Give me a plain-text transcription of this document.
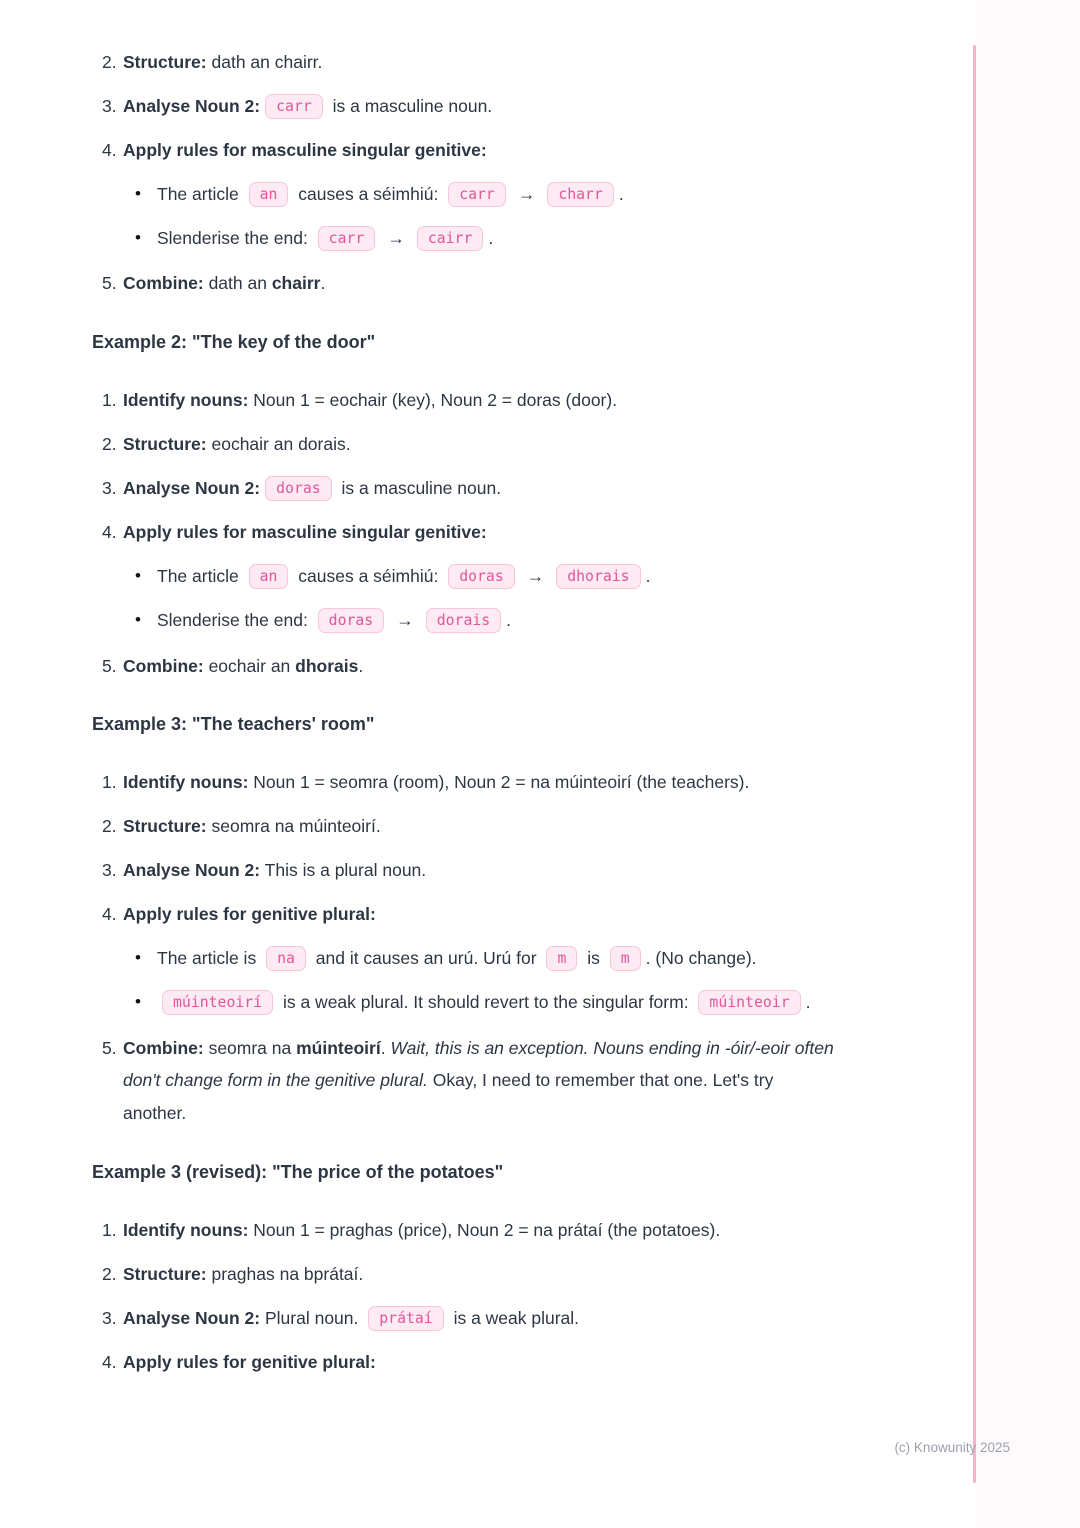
2. Structure: dath an chairr.
3. Analyse Noun 2: carr is a masculine noun.
4. Apply rules for masculine singular genitive:
• The article an causes a séimhiú: carr → charr .
• Slenderise the end: carr → cairr .
5. Combine: dath an chairr.
Example 2: "The key of the door"
1. Identify nouns: Noun 1 = eochair (key), Noun 2 = doras (door).
2. Structure: eochair an dorais.
3. Analyse Noun 2: doras is a masculine noun.
4. Apply rules for masculine singular genitive:
• The article an causes a séimhiú: doras → dhorais .
• Slenderise the end: doras → dorais .
5. Combine: eochair an dhorais.
Example 3: "The teachers' room"
1. Identify nouns: Noun 1 = seomra (room), Noun 2 = na múinteoirí (the teachers).
2. Structure: seomra na múinteoirí.
3. Analyse Noun 2: This is a plural noun.
4. Apply rules for genitive plural:
• The article is na and it causes an urú. Urú for m is m . (No change).
•	múinteoirí is a weak plural. It should revert to the singular form: múinteoir .
5. Combine: seomra na múinteoirí. Wait, this is an exception. Nouns ending in -óir/-eoir often don't change form in the genitive plural. Okay, I need to remember that one. Let's try another.
Example 3 (revised): "The price of the potatoes"
1. Identify nouns: Noun 1 = praghas (price), Noun 2 = na prátaí (the potatoes).
2. Structure: praghas na bprátaí.
3. Analyse Noun 2: Plural noun. prátaí is a weak plural.
4. Apply rules for genitive plural:
(c) Knowunity 2025
